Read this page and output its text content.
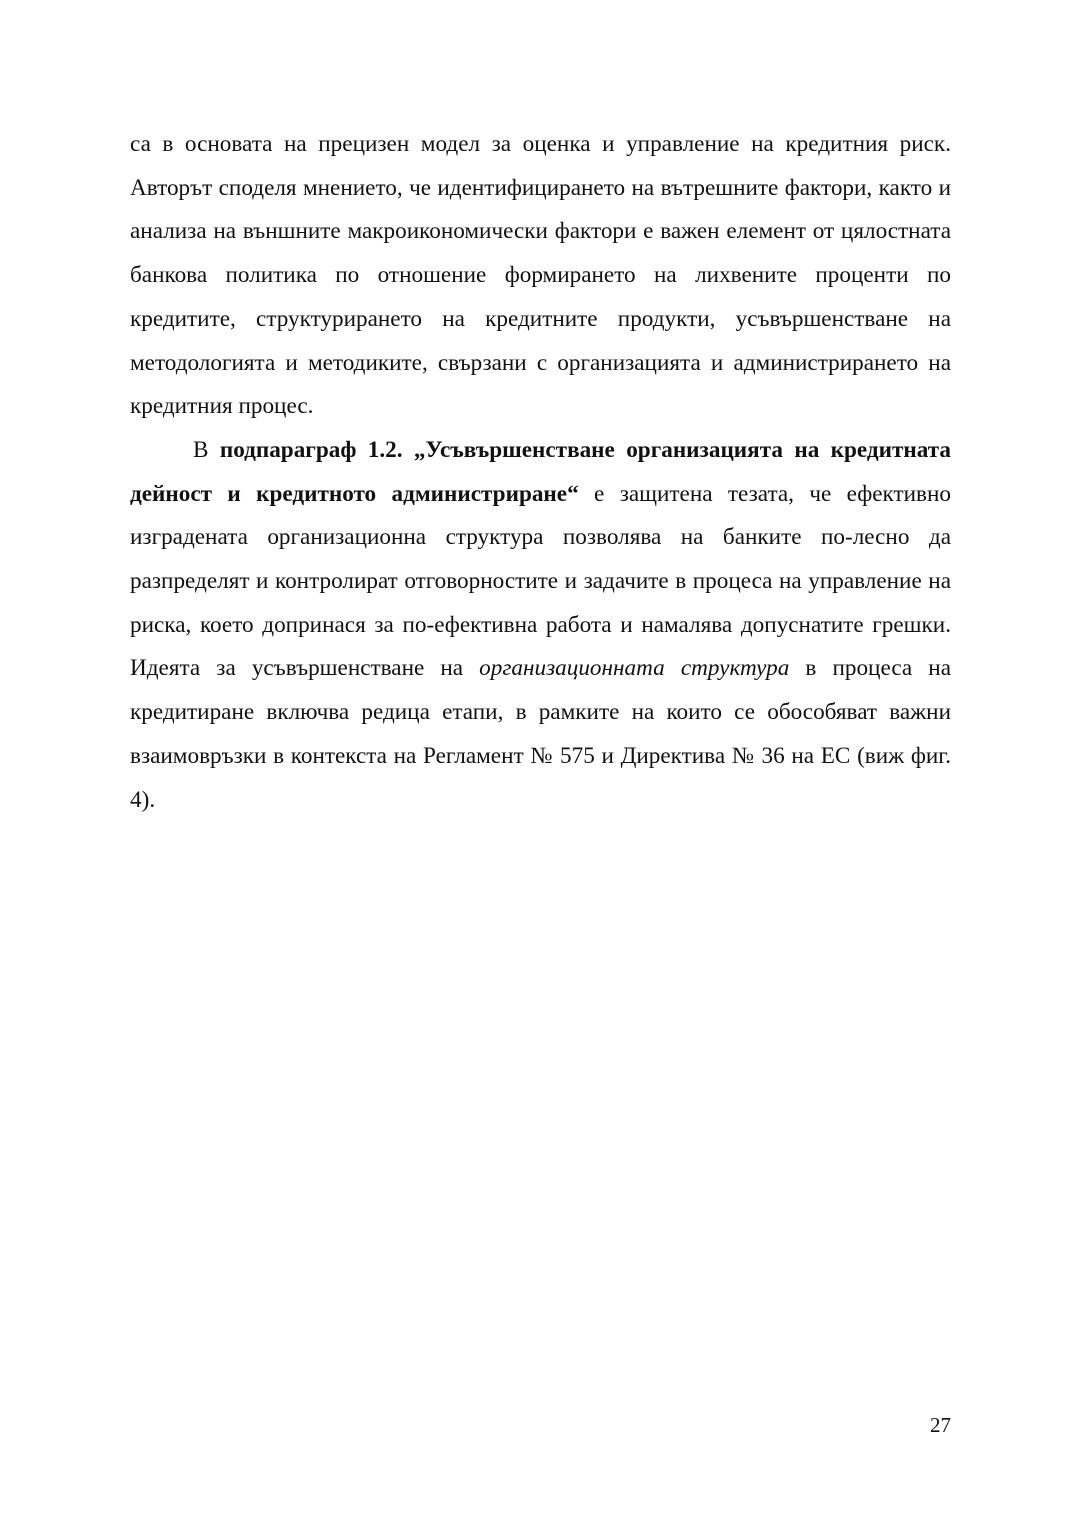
са в основата на прецизен модел за оценка и управление на кредитния риск. Авторът споделя мнението, че идентифицирането на вътрешните фактори, както и анализа на външните макроикономически фактори е важен елемент от цялостната банкова политика по отношение формирането на лихвените проценти по кредитите, структурирането на кредитните продукти, усъвършенстване на методологията и методиките, свързани с организацията и администрирането на кредитния процес.

В подпараграф 1.2. „Усъвършенстване организацията на кредитната дейност и кредитното администриране“ е защитена тезата, че ефективно изградената организационна структура позволява на банките по-лесно да разпределят и контролират отговорностите и задачите в процеса на управление на риска, което допринася за по-ефективна работа и намалява допуснатите грешки. Идеята за усъвършенстване на организационната структура в процеса на кредитиране включва редица етапи, в рамките на които се обособяват важни взаимовръзки в контекста на Регламент № 575 и Директива № 36 на ЕС (виж фиг. 4).

27
